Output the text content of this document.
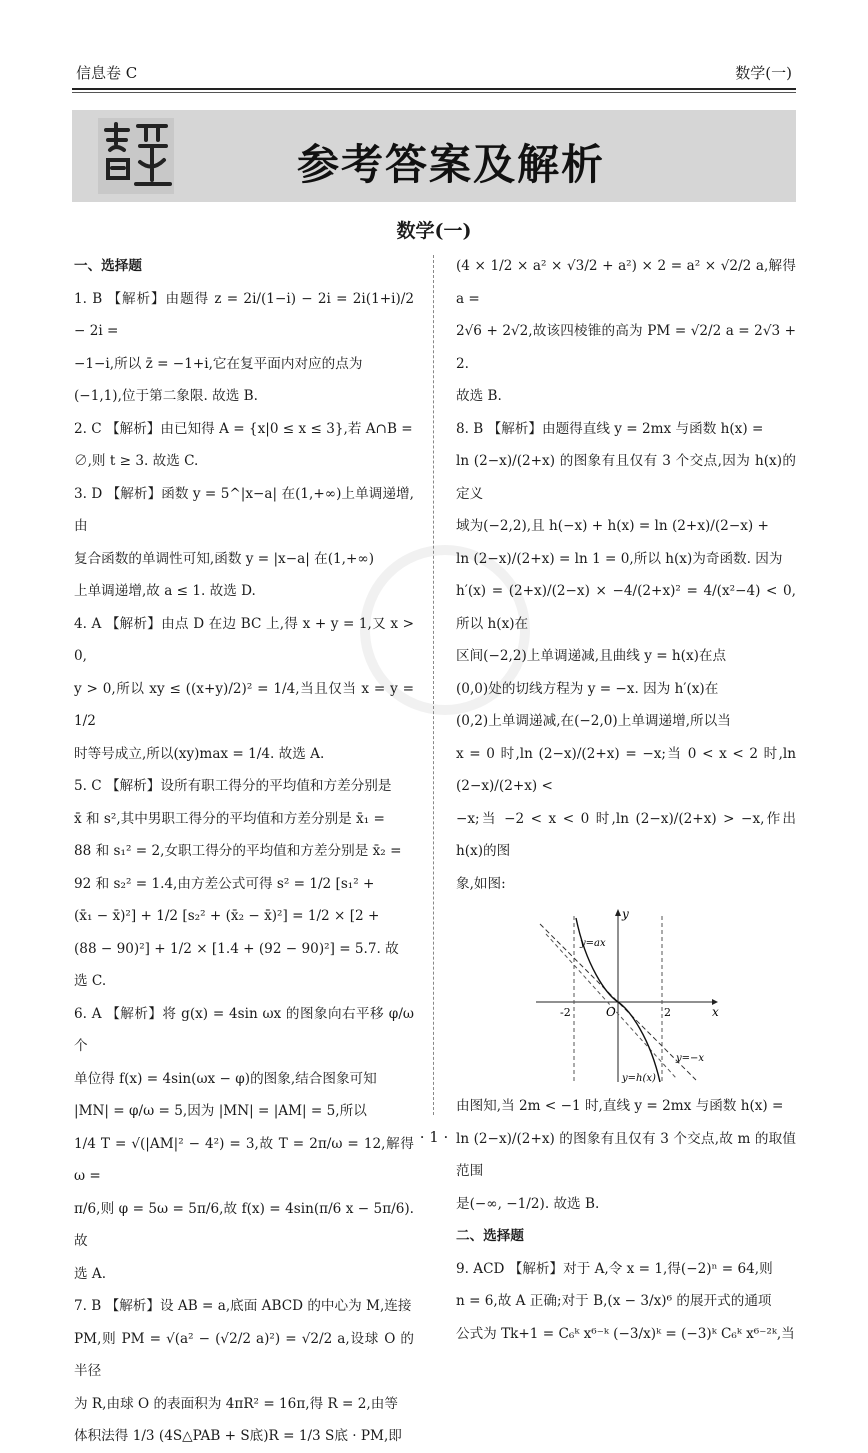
信息卷 C	数学(一)
参考答案及解析
数学(一)

一、选择题

1. B 【解析】由题得 z = 2i/(1−i) − 2i = 2i(1+i)/2 − 2i =

−1−i,所以 z̄ = −1+i,它在复平面内对应的点为

(−1,1),位于第二象限. 故选 B.

2. C 【解析】由已知得 A = {x|0 ≤ x ≤ 3},若 A∩B =

∅,则 t ≥ 3. 故选 C.

3. D 【解析】函数 y = 5^|x−a| 在(1,+∞)上单调递增,由

复合函数的单调性可知,函数 y = |x−a| 在(1,+∞)

上单调递增,故 a ≤ 1. 故选 D.

4. A 【解析】由点 D 在边 BC 上,得 x + y = 1,又 x > 0,

y > 0,所以 xy ≤ ((x+y)/2)² = 1/4,当且仅当 x = y = 1/2

时等号成立,所以(xy)max = 1/4. 故选 A.

5. C 【解析】设所有职工得分的平均值和方差分别是

x̄ 和 s²,其中男职工得分的平均值和方差分别是 x̄₁ =

88 和 s₁² = 2,女职工得分的平均值和方差分别是 x̄₂ =

92 和 s₂² = 1.4,由方差公式可得 s² = 1/2 [s₁² +

(x̄₁ − x̄)²] + 1/2 [s₂² + (x̄₂ − x̄)²] = 1/2 × [2 +

(88 − 90)²] + 1/2 × [1.4 + (92 − 90)²] = 5.7. 故

选 C.

6. A 【解析】将 g(x) = 4sin ωx 的图象向右平移 φ/ω 个

单位得 f(x) = 4sin(ωx − φ)的图象,结合图象可知

|MN| = φ/ω = 5,因为 |MN| = |AM| = 5,所以

1/4 T = √(|AM|² − 4²) = 3,故 T = 2π/ω = 12,解得 ω =

π/6,则 φ = 5ω = 5π/6,故 f(x) = 4sin(π/6 x − 5π/6). 故

选 A.

7. B 【解析】设 AB = a,底面 ABCD 的中心为 M,连接

PM,则 PM = √(a² − (√2/2 a)²) = √2/2 a,设球 O 的半径

为 R,由球 O 的表面积为 4πR² = 16π,得 R = 2,由等

体积法得 1/3 (4S△PAB + S底)R = 1/3 S底 · PM,即

(4 × 1/2 × a² × √3/2 + a²) × 2 = a² × √2/2 a,解得 a =

2√6 + 2√2,故该四棱锥的高为 PM = √2/2 a = 2√3 + 2.

故选 B.

8. B 【解析】由题得直线 y = 2mx 与函数 h(x) =

ln (2−x)/(2+x) 的图象有且仅有 3 个交点,因为 h(x)的定义

域为(−2,2),且 h(−x) + h(x) = ln (2+x)/(2−x) +

ln (2−x)/(2+x) = ln 1 = 0,所以 h(x)为奇函数. 因为

h′(x) = (2+x)/(2−x) × −4/(2+x)² = 4/(x²−4) < 0,所以 h(x)在

区间(−2,2)上单调递减,且曲线 y = h(x)在点

(0,0)处的切线方程为 y = −x. 因为 h′(x)在

(0,2)上单调递减,在(−2,0)上单调递增,所以当

x = 0 时,ln (2−x)/(2+x) = −x;当 0 < x < 2 时,ln (2−x)/(2+x) <

−x;当 −2 < x < 0 时,ln (2−x)/(2+x) > −x,作出 h(x)的图

象,如图:

y
x
O
-2	2
y=ax
y=−x
y=h(x)

由图知,当 2m < −1 时,直线 y = 2mx 与函数 h(x) =

ln (2−x)/(2+x) 的图象有且仅有 3 个交点,故 m 的取值范围

是(−∞, −1/2). 故选 B.

二、选择题

9. ACD 【解析】对于 A,令 x = 1,得(−2)ⁿ = 64,则

n = 6,故 A 正确;对于 B,(x − 3/x)⁶ 的展开式的通项

公式为 Tk+1 = C₆ᵏ x⁶⁻ᵏ (−3/x)ᵏ = (−3)ᵏ C₆ᵏ x⁶⁻²ᵏ,当

· 1 ·
